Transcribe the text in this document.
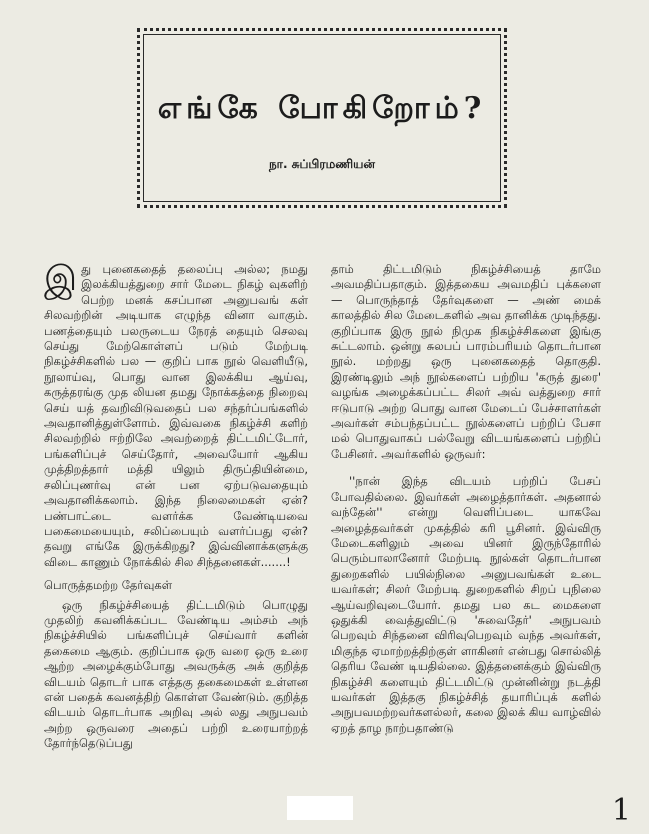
எங்கே போகிறோம்?
நா. சுப்பிரமணியன்

இ து புனைகதைத் தலைப்பு அல்ல; நமது இலக்கியத்துறை சார் மேடை நிகழ் வுகளிற் பெற்ற மனக் கசப்பான அனுபவங் கள் சிலவற்றின் அடியாக எழுந்த வினா வாகும். பணத்தையும் பலருடைய நேரத் தையும் செலவு செய்து மேற்கொள்ளப் படும் மேற்படி நிகழ்ச்சிகளில் பல — குறிப் பாக நூல் வெளியீடு, நூலாய்வு, பொது வான இலக்கிய ஆய்வு, கருத்தரங்கு முத லியன தமது நோக்கத்தை நிறைவு செய் யத் தவறிவிடுவதைப் பல சந்தர்ப்பங்களில் அவதானித்துள்ளோம். இவ்வகை நிகழ்ச்சி களிற் சிலவற்றில் ஈற்றிலே அவற்றைத் திட்டமிட்டோர், பங்களிப்புச் செய்தோர், அவையோர் ஆகிய முத்திறத்தார் மத்தி யிலும் திருப்தியின்மை, சலிப்புணர்வு என் பன ஏற்படுவதையும் அவதானிக்கலாம். இந்த நிலைமைகள் ஏன்? பண்பாட்டை வளர்க்க வேண்டியவை பகைமையையும், சலிப்பையும் வளர்ப்பது ஏன்? தவறு எங்கே இருக்கிறது? இவ்வினாக்களுக்கு விடை காணும் நோக்கில் சில சிந்தனைகள்.......!

பொருத்தமற்ற தேர்வுகள்

ஒரு நிகழ்ச்சியைத் திட்டமிடும் பொழுது முதலிற் கவனிக்கப்பட வேண்டிய அம்சம் அந் நிகழ்ச்சியில் பங்களிப்புச் செய்வார் களின் தகைமை ஆகும். குறிப்பாக ஒரு வரை ஒரு உரை ஆற்ற அழைக்கும்போது அவருக்கு அக் குறித்த விடயம் தொடர் பாக எத்தகு தகைமைகள் உள்ளன என் பதைக் கவனத்திற் கொள்ள வேண்டும். குறித்த விடயம் தொடர்பாக அறிவு அல் லது அநுபவம் அற்ற ஒருவரை அதைப் பற்றி உரையாற்றத் தோர்ந்தெடுப்பது

தாம் திட்டமிடும் நிகழ்ச்சியைத் தாமே அவமதிப்பதாகும். இத்தகைய அவமதிப் புக்களை — பொருந்தாத் தேர்வுகளை — அண் மைக் காலத்தில் சில மேடைகளில் அவ தானிக்க முடிந்தது. குறிப்பாக இரு நூல் நிமுக நிகழ்ச்சிகளை இங்கு சுட்டலாம். ஒன்று சுலபப் பாரம்பரியம் தொடர்பான நூல். மற்றது ஒரு புனைகதைத் தொகுதி. இரண்டிலும் அந் நூல்களைப் பற்றிய 'கருத் துரை' வழங்க அழைக்கப்பட்ட சிலர் அவ் வத்துறை சார் ஈடுபாடு அற்ற பொது வான மேடைப் பேச்சாளர்கள் அவர்கள் சம்பந்தப்பட்ட நூல்களைப் பற்றிப் பேசா மல் பொதுவாகப் பல்வேறு விடயங்களைப் பற்றிப் பேசினர். அவர்களில் ஒருவர்:

''நான் இந்த விடயம் பற்றிப் பேசப் போவதில்லை. இவர்கள் அழைத்தார்கள். அதனால் வந்தேன்'' என்று வெளிப்படை யாகவே அழைத்தவர்கள் முகத்தில் கரி பூசினர். இவ்விரு மேடைகளிலும் அவை யினர் இருந்தோரில் பெரும்பாலானோர் மேற்படி நூல்கள் தொடர்பான துறைகளில் பயில்நிலை அனுபவங்கள் உடை யவர்கள்; சிலர் மேற்படி துறைகளில் சிறப் புநிலை ஆய்வறிவுடையோர். தமது பல கட மைகளை ஒதுக்கி வைத்துவிட்டு 'சுவைதேர்' அநுபவம் பெறவும் சிந்தனை விரிவுபெறவும் வந்த அவர்கள், மிகுந்த ஏமாற்றத்திற்குள் ளாகினர் என்பது சொல்லித் தெரிய வேண் டியதில்லை. இத்தனைக்கும் இவ்விரு நிகழ்ச்சி களையும் திட்டமிட்டு முன்னின்று நடத்தி யவர்கள் இத்தகு நிகழ்ச்சித் தயாரிப்புக் களில் அநுபவமற்றவர்களல்லர், கலை இலக் கிய வாழ்வில் ஏறத் தாழ நாற்பதாண்டு

1
